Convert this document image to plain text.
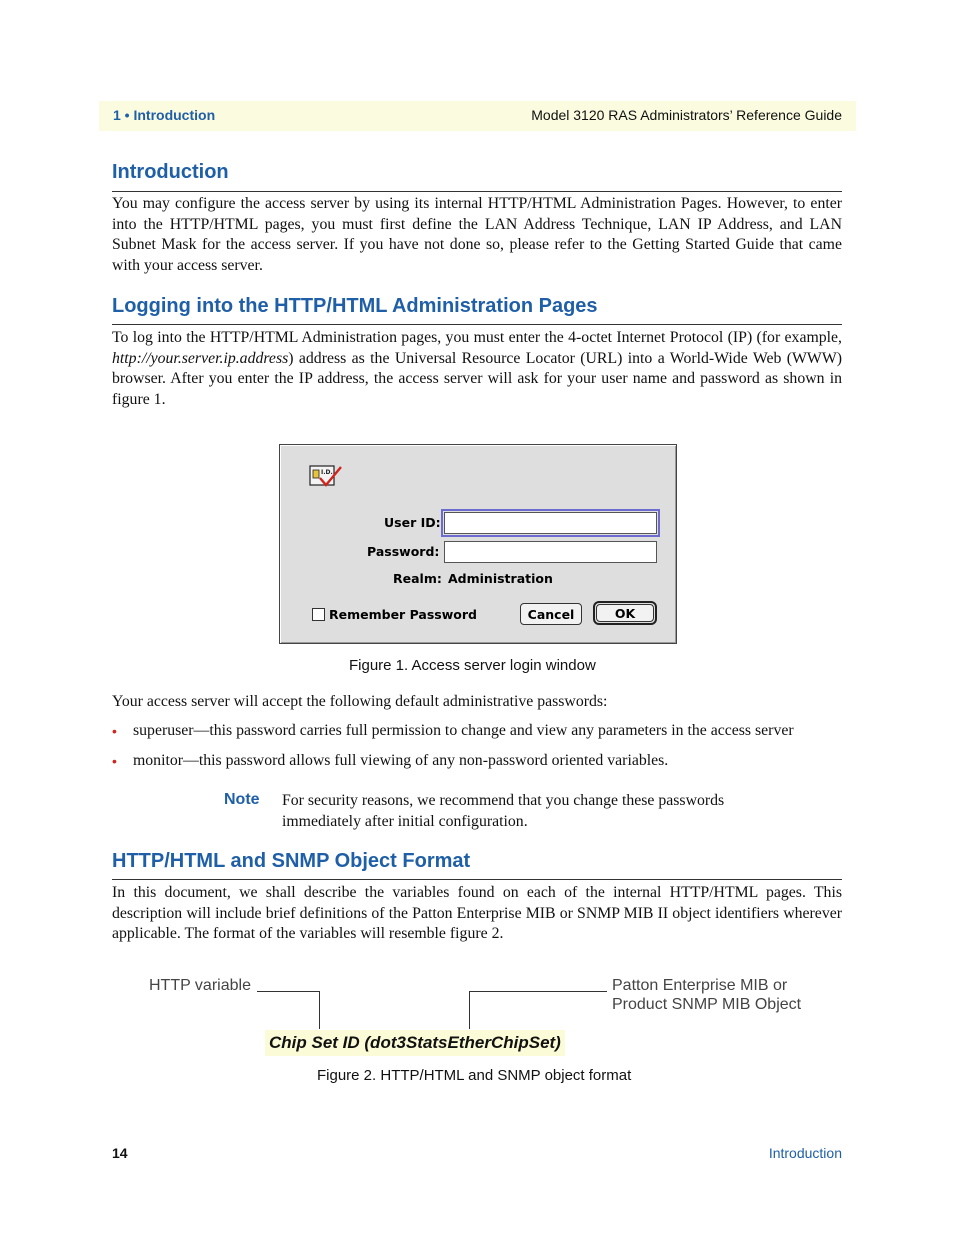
1 • Introduction	Model 3120 RAS Administrators’ Reference Guide
Introduction

You may configure the access server by using its internal HTTP/HTML Administration Pages. However, to enter into the HTTP/HTML pages, you must first define the LAN Address Technique, LAN IP Address, and LAN Subnet Mask for the access server. If you have not done so, please refer to the Getting Started Guide that came with your access server.

Logging into the HTTP/HTML Administration Pages

To log into the HTTP/HTML Administration pages, you must enter the 4-octet Internet Protocol (IP) (for example, http://your.server.ip.address) address as the Universal Resource Locator (URL) into a World-Wide Web (WWW) browser. After you enter the IP address, the access server will ask for your user name and password as shown in figure 1.

I.D.
User ID:
Password:
Realm: Administration
Remember Password	Cancel	OK
Figure 1. Access server login window

Your access server will accept the following default administrative passwords:

• superuser—this password carries full permission to change and view any parameters in the access server
• monitor—this password allows full viewing of any non-password oriented variables.
Note For security reasons, we recommend that you change these passwords immediately after initial configuration.

HTTP/HTML and SNMP Object Format

In this document, we shall describe the variables found on each of the internal HTTP/HTML pages. This description will include brief definitions of the Patton Enterprise MIB or SNMP MIB II object identifiers wherever applicable. The format of the variables will resemble figure 2.

HTTP variable	Patton Enterprise MIB or
Product SNMP MIB Object
Chip Set ID (dot3StatsEtherChipSet)
Figure 2. HTTP/HTML and SNMP object format
14	Introduction
